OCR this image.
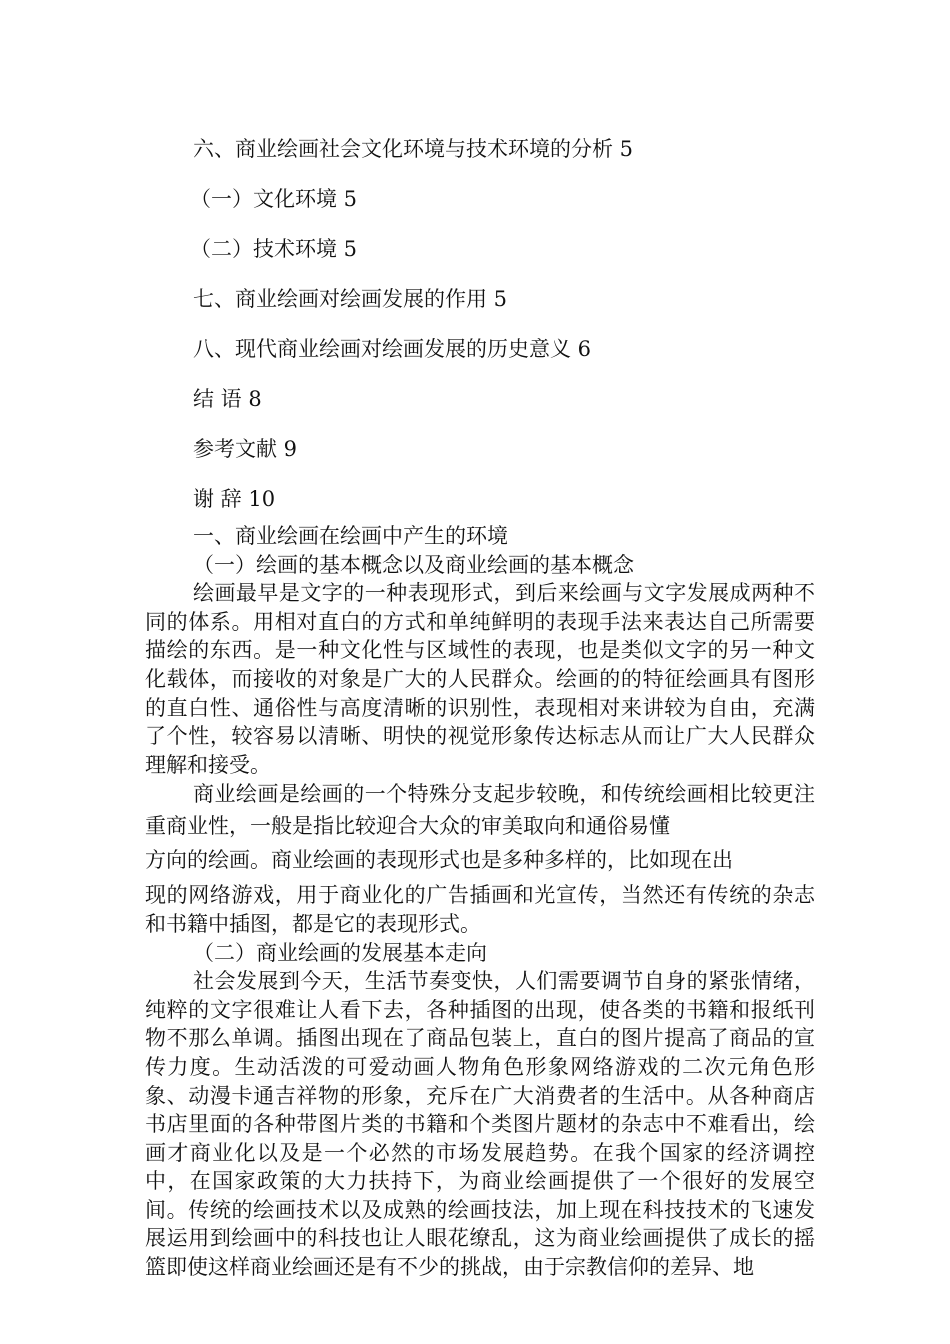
六、商业绘画社会文化环境与技术环境的分析 5
（一）文化环境 5
（二）技术环境 5
七、商业绘画对绘画发展的作用 5
八、现代商业绘画对绘画发展的历史意义 6
结 语 8
参考文献 9
谢 辞 10
一、商业绘画在绘画中产生的环境
（一）绘画的基本概念以及商业绘画的基本概念

绘画最早是文字的一种表现形式，到后来绘画与文字发展成两种不同的体系。用相对直白的方式和单纯鲜明的表现手法来表达自己所需要描绘的东西。是一种文化性与区域性的表现，也是类似文字的另一种文化载体，而接收的对象是广大的人民群众。绘画的的特征绘画具有图形的直白性、通俗性与高度清晰的识别性，表现相对来讲较为自由，充满了个性，较容易以清晰、明快的视觉形象传达标志从而让广大人民群众理解和接受。

商业绘画是绘画的一个特殊分支起步较晚，和传统绘画相比较更注重商业性，一般是指比较迎合大众的审美取向和通俗易懂

方向的绘画。商业绘画的表现形式也是多种多样的，比如现在出

现的网络游戏，用于商业化的广告插画和光宣传，当然还有传统的杂志和书籍中插图，都是它的表现形式。

（二）商业绘画的发展基本走向

社会发展到今天，生活节奏变快，人们需要调节自身的紧张情绪，纯粹的文字很难让人看下去，各种插图的出现，使各类的书籍和报纸刊物不那么单调。插图出现在了商品包装上，直白的图片提高了商品的宣传力度。生动活泼的可爱动画人物角色形象网络游戏的二次元角色形象、动漫卡通吉祥物的形象，充斥在广大消费者的生活中。从各种商店书店里面的各种带图片类的书籍和个类图片题材的杂志中不难看出，绘画才商业化以及是一个必然的市场发展趋势。在我个国家的经济调控中，在国家政策的大力扶持下，为商业绘画提供了一个很好的发展空间。传统的绘画技术以及成熟的绘画技法，加上现在科技技术的飞速发展运用到绘画中的科技也让人眼花缭乱，这为商业绘画提供了成长的摇篮即使这样商业绘画还是有不少的挑战，由于宗教信仰的差异、地
